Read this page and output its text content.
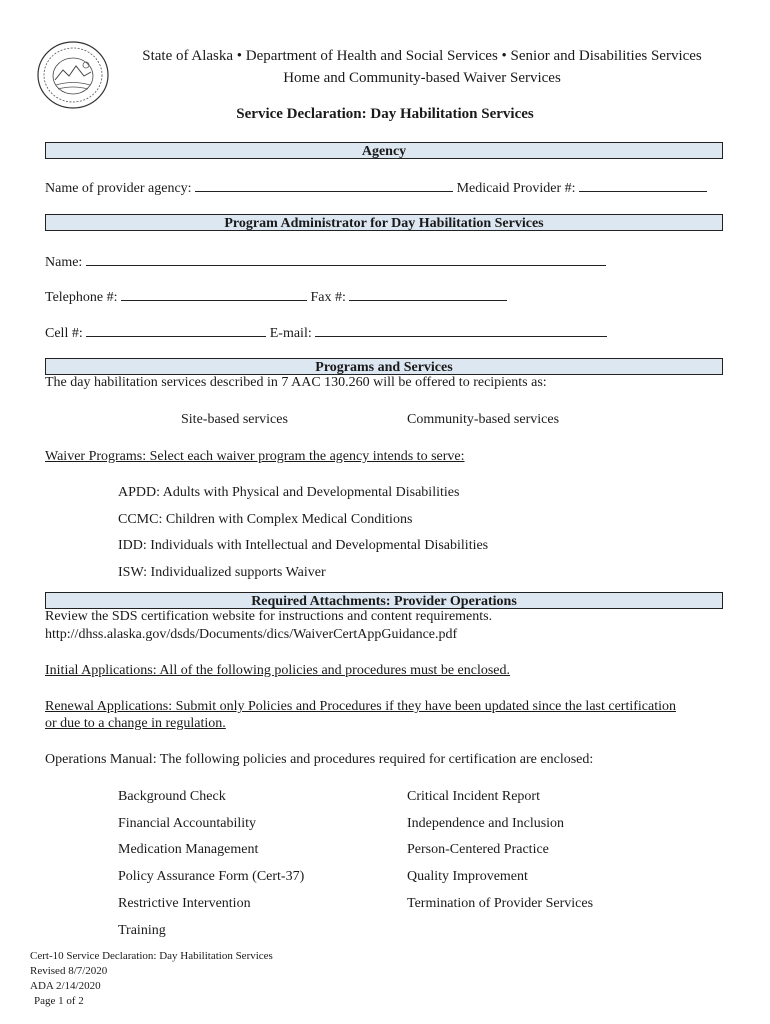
State of Alaska • Department of Health and Social Services • Senior and Disabilities Services
Home and Community-based Waiver Services
Service Declaration: Day Habilitation Services
Agency
Name of provider agency:	Medicaid Provider #:
Program Administrator for Day Habilitation Services
Name:
Telephone #:	Fax #:
Cell #:	E-mail:
Programs and Services
The day habilitation services described in 7 AAC 130.260 will be offered to recipients as:
Site-based services	Community-based services
Waiver Programs: Select each waiver program the agency intends to serve:
APDD: Adults with Physical and Developmental Disabilities
CCMC: Children with Complex Medical Conditions
IDD: Individuals with Intellectual and Developmental Disabilities
ISW: Individualized supports Waiver
Required Attachments: Provider Operations
Review the SDS certification website for instructions and content requirements.
http://dhss.alaska.gov/dsds/Documents/dics/WaiverCertAppGuidance.pdf
Initial Applications: All of the following policies and procedures must be enclosed.
Renewal Applications: Submit only Policies and Procedures if they have been updated since the last certification
or due to a change in regulation.
Operations Manual: The following policies and procedures required for certification are enclosed:
Background Check
Financial Accountability
Medication Management
Policy Assurance Form (Cert-37)
Restrictive Intervention
Training
Critical Incident Report
Independence and Inclusion
Person-Centered Practice
Quality Improvement
Termination of Provider Services
Cert-10 Service Declaration: Day Habilitation Services
Revised 8/7/2020
ADA 2/14/2020
Page 1 of 2
